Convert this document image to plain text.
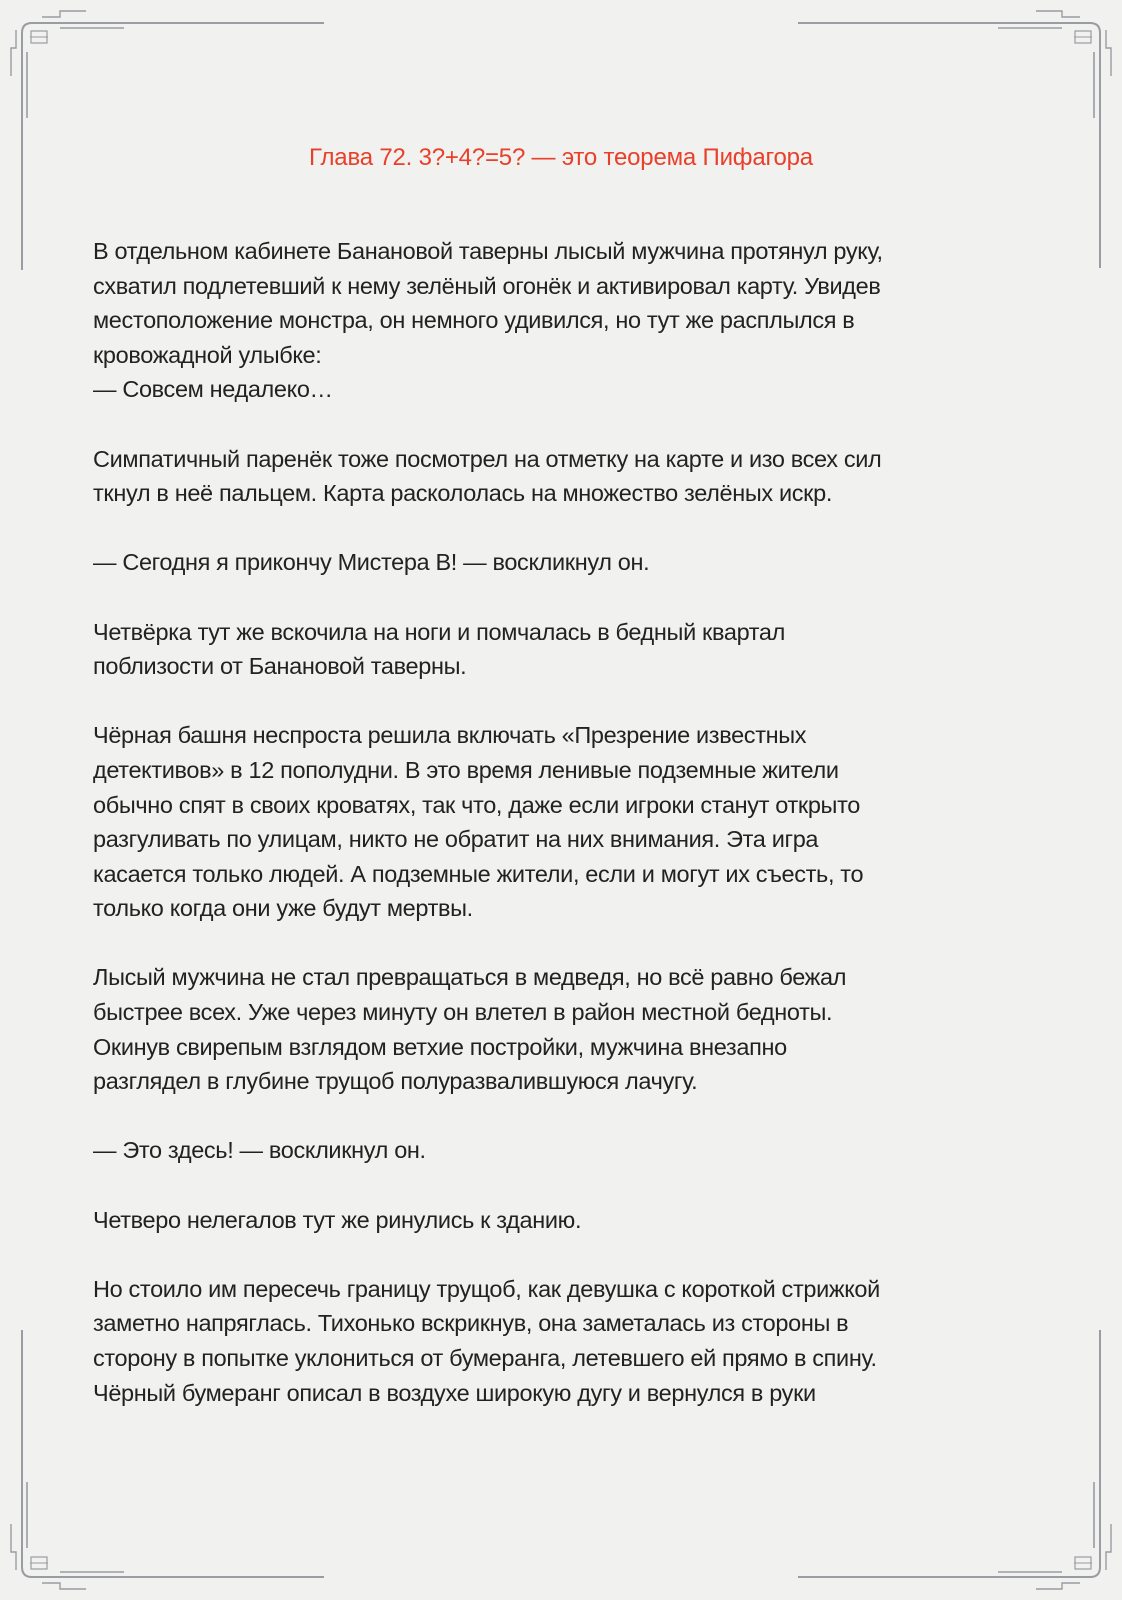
Глава 72. 3?+4?=5? — это теорема Пифагора

В отдельном кабинете Банановой таверны лысый мужчина протянул руку,
схватил подлетевший к нему зелёный огонёк и активировал карту. Увидев
местоположение монстра, он немного удивился, но тут же расплылся в
кровожадной улыбке:
— Совсем недалеко…

Симпатичный паренёк тоже посмотрел на отметку на карте и изо всех сил
ткнул в неё пальцем. Карта раскололась на множество зелёных искр.

— Сегодня я прикончу Мистера B! — воскликнул он.

Четвёрка тут же вскочила на ноги и помчалась в бедный квартал
поблизости от Банановой таверны.

Чёрная башня неспроста решила включать «Презрение известных
детективов» в 12 пополудни. В это время ленивые подземные жители
обычно спят в своих кроватях, так что, даже если игроки станут открыто
разгуливать по улицам, никто не обратит на них внимания. Эта игра
касается только людей. А подземные жители, если и могут их съесть, то
только когда они уже будут мертвы.

Лысый мужчина не стал превращаться в медведя, но всё равно бежал
быстрее всех. Уже через минуту он влетел в район местной бедноты.
Окинув свирепым взглядом ветхие постройки, мужчина внезапно
разглядел в глубине трущоб полуразвалившуюся лачугу.

— Это здесь! — воскликнул он.

Четверо нелегалов тут же ринулись к зданию.

Но стоило им пересечь границу трущоб, как девушка с короткой стрижкой
заметно напряглась. Тихонько вскрикнув, она заметалась из стороны в
сторону в попытке уклониться от бумеранга, летевшего ей прямо в спину.
Чёрный бумеранг описал в воздухе широкую дугу и вернулся в руки
